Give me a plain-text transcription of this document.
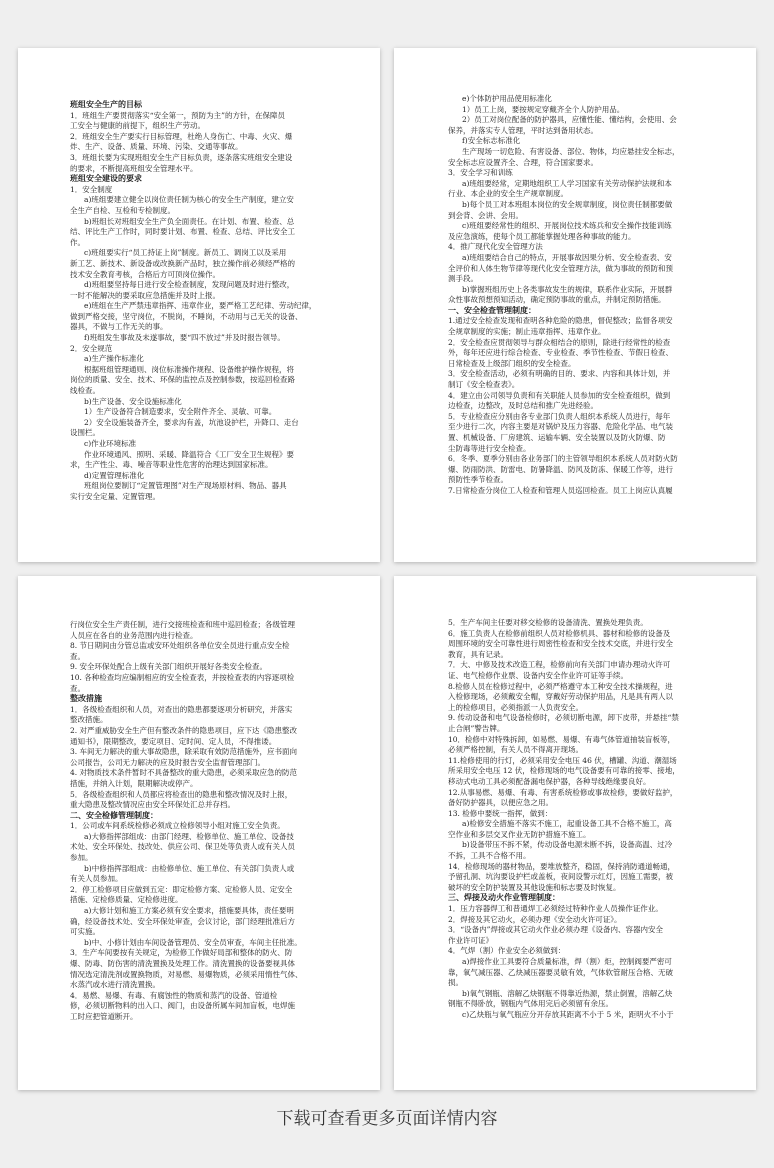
班组安全生产的目标
1．班组生产要贯彻落实“安全第一，预防为主”的方针，在保障员
工安全与健康的前提下，组织生产劳动。
2．班组安全生产要实行目标管理，杜绝人身伤亡、中毒、火灾、爆
炸、生产、设备、质量、环境、污染、交通等事故。
3．班组长要为实现班组安全生产目标负责，逐条落实班组安全建设
的要求，不断提高班组安全管理水平。
班组安全建设的要求
1．安全制度
a)班组要建立健全以岗位责任制为核心的安全生产制度，建立安
全生产自检、互检和专检制度。
b)班组长对班组安全生产负全面责任。在计划、布置、检查、总
结、评比生产工作时，同时要计划、布置、检查、总结、评比安全工
作。
c)班组要实行“员工持证上岗”制度。新员工、调岗工以及采用
新工艺、新技术、新设备或改换新产品时，独立操作前必须经严格的
技术安全教育考核，合格后方可顶岗位操作。
d)班组要坚持每日进行安全检查制度，发现问题及时进行整改，
一时不能解决的要采取应急措施并及时上报。
e)班组在生产严禁违章指挥、违章作业，要严格工艺纪律、劳动纪律，
做到严格交接，坚守岗位，不脱岗，不睡岗，不动用与己无关的设备、
器具，不做与工作无关的事。
f)班组发生事故及未遂事故，要“四不放过”并及时报告领导。
2．安全规范
a)生产操作标准化
根据班组管理通则、岗位标准操作规程、设备维护操作规程，将
岗位的质量、安全、技术、环保的监控点及控制参数，按巡回检查路
线检查。
b)生产设备、安全设施标准化
1）生产设备符合制造要求，安全附件齐全、灵敏、可靠。
2）安全设施装备齐全，要求沟有盖，坑池设护栏，升降口、走台
设围栏。
c)作业环境标准
作业环境通风、照明、采暖、降温符合《工厂安全卫生规程》要
求，生产性尘、毒、噪音等职业性危害的治理达到国家标准。
d)定置管理标准化
班组岗位要制订“定置管理图”对生产现场原材料、物品、器具
实行安全定量、定置管理。
e)个体防护用品使用标准化
1）员工上岗，要按规定穿戴齐全个人防护用品。
2）员工对岗位配备的防护器具，应懂性能、懂结构，会使用、会
保养，并落实专人管理，平时达到备用状态。
f)安全标志标准化
生产现场一切危险、有害设备、部位、物体，均应悬挂安全标志，
安全标志应设置齐全、合理，符合国家要求。
3．安全学习和训练
a)班组要经常，定期地组织工人学习国家有关劳动保护法规和本
行业、本企业的安全生产规章制度。
b)每个员工对本班组本岗位的安全规章制度，岗位责任制都要做
到会背、会讲、会用。
c)班组要经常性的组织、开展岗位技术练兵和安全操作技能训练
及应急演练，使每个员工都能掌握处理各种事故的能力。
4．推广现代化安全管理方法
a)班组要结合自己的特点，开展事故因果分析、安全检查表、安
全评价和人体生物节律等现代化安全管理方法，做为事故的预防和预
测手段。
b)掌握班组历史上各类事故发生的规律，联系作业实际，开展群
众性事故预想预知活动，确定预防事故的重点，并制定预防措施。
一、安全检查管理制度：
1.通过安全检查发现和查明各种危险的隐患，督促整改；监督各项安
全规章制度的实施；制止违章指挥、违章作业。
2．安全检查应贯彻领导与群众相结合的原则，除进行经常性的检查
外，每年还应进行综合检查、专业检查、季节性检查、节假日检查、
日常检查及上级部门组织的安全检查。
3．安全检查活动，必须有明确的目的、要求、内容和具体计划，并
制订《安全检查表》。
4．建立由公司领导负责和有关职能人员参加的安全检查组织，做到
边检查，边整改，及时总结和推广先进经验。
5．专业检查应分别由各专业部门负责人组织本系统人员进行，每年
至少进行二次，内容主要是对锅炉及压力容器、危险化学品、电气装
置、机械设备、厂房建筑、运输车辆、安全装置以及防火防爆、防
尘防毒等进行安全检查。
6．冬季、夏季分别由各业务部门的主管领导组织本系统人员对防火防
爆、防雨防洪、防雷电、防暑降温、防风及防冻、保暖工作等，进行
预防性季节检查。
7.日常检查分岗位工人检查和管理人员巡回检查。员工上岗应认真履
行岗位安全生产责任制，进行交接班检查和班中巡回检查；各级管理
人员应在各自的业务范围内进行检查。
8. 节日期间由分管总监或安环处组织各单位安全员进行重点安全检
查。
9. 安全环保处配合上级有关部门组织开展好各类安全检查。
10. 各种检查均应编制相应的安全检查表，并按检查表的内容逐项检
查。
整改措施
1．各级检查组织和人员，对查出的隐患都要逐项分析研究，并落实
整改措施。
2. 对严重威胁安全生产但有整改条件的隐患项目，应下达《隐患整改
通知书》，限期整改，要定项目、定时间、定人员，不得推诿。
3. 车间无力解决的重大事故隐患，除采取有效防范措施外，应书面向
公司报告，公司无力解决的应及时报告安全监督管理部门。
4. 对物质技术条件暂时不具备整改的重大隐患，必须采取应急的防范
措施，并纳入计划，限期解决或停产。
5．各级检查组织和人员都应将检查出的隐患和整改情况及时上报，
重大隐患及整改情况应由安全环保处汇总并存档。
二、安全检修管理制度：
1．公司或车间系统检修必须成立检修领导小组对施工安全负责。
a)大修指挥部组成：由部门经理、检修单位、施工单位、设备技
术处、安全环保处、技改处、供应公司、保卫处等负责人或有关人员
参加。
b)中修指挥部组成：由检修单位、施工单位、有关部门负责人或
有关人员参加。
2．停工检修项目应做到五定：即定检修方案、定检修人员、定安全
措施、定检修质量、定检修进度。
a)大修计划和施工方案必须有安全要求，措施要具体，责任要明
确，经设备技术处、安全环保处审查，会议讨论，部门经理批准后方
可实施。
b)中、小修计划由车间设备管理员、安全员审查，车间主任批准。
3．生产车间要按有关规定，为检修工作做好局部和整体的防火、防
爆、防毒、防伤害的清洗置换及处理工作。清洗置换的设备要视具体
情况选定清洗剂或置换物质，对易燃、易爆物质，必须采用惰性气体、
水蒸汽或水进行清洗置换。
4．易燃、易爆、有毒、有腐蚀性的物质和蒸汽的设备、管道检
修，必须切断物料的出入口、阀门，由设备所属车间加盲板，电焊施
工时应把管道断开。
5．生产车间主任要对移交检修的设备清洗、置换处理负责。
6．施工负责人在检修前组织人员对检修机具、器材和检修的设备及
周围环境的安全可靠性进行周密性检查和安全技术交底，并进行安全
教育，具有记录。
7．大、中修及技术改造工程，检修前向有关部门申请办理动火许可
证、电气检修作业票、设备内安全作业许可证等手续。
8.检修人员在检修过程中，必须严格遵守本工种安全技术操规程，进
入检修现场，必须戴安全帽，穿戴好劳动保护用品，凡是具有两人以
上的检修项目，必须指派一人负责安全。
9. 传动设备和电气设备检修时，必须切断电源，卸下皮带，并悬挂“禁
止合闸”警告牌。
10．检修中对特殊拆卸，如易燃、易爆、有毒气体管道抽装盲板等，
必须严格控制，有关人员不得离开现场。
11.检修使用的行灯，必须采用安全电压 46 伏，槽罐、沟道、潮湿场
所采用安全电压 12 伏，检修现场的电气设备要有可靠的接零、接地，
移动式电动工具必须配备漏电保护器，各种导线绝缘要良好。
12.从事易燃、易爆、有毒、有害系统检修或事故检修，要做好监护，
备好防护器具，以便应急之用。
13. 检修中要统一指挥，做到：
a)检修安全措施不落实不施工，起重设备工具不合格不施工，高
空作业和多层交叉作业无防护措施不施工。
b)设备带压不拆不紧，传动设备电源未断不拆，设备高温、过冷
不拆，工具不合格不用。
14．检修现场的器材物品，要堆放整齐，稳固，保持消防通道畅通，
予留孔洞、坑沟要设护栏或盖板，夜间设警示红灯，因施工需要，被
破坏的安全防护装置及其他设施和标志要及时恢复。
三、焊接及动火作业管理制度：
1．压力容器焊工和普通焊工必须经过特种作业人员操作证作业。
2．焊接及其它动火，必须办理《安全动火许可证》。
3．“设备内”焊接或其它动火作业必须办理《设备内、容器内安全
作业许可证》
4．气焊（割）作业安全必须做到：
a)焊接作业工具要符合质量标准，焊（割）炬，控制阀要严密可
靠，氧气减压器、乙炔减压器要灵敏有效，气体软管耐压合格、无破
损。
b)氧气钢瓶、溶解乙炔钢瓶不得靠近热源，禁止倒置，溶解乙炔
钢瓶不得卧放，钢瓶内气体用完后必须留有余压。
c)乙炔瓶与氧气瓶应分开存放其距离不小于 5 米，距明火不小于
下载可查看更多页面详情内容
